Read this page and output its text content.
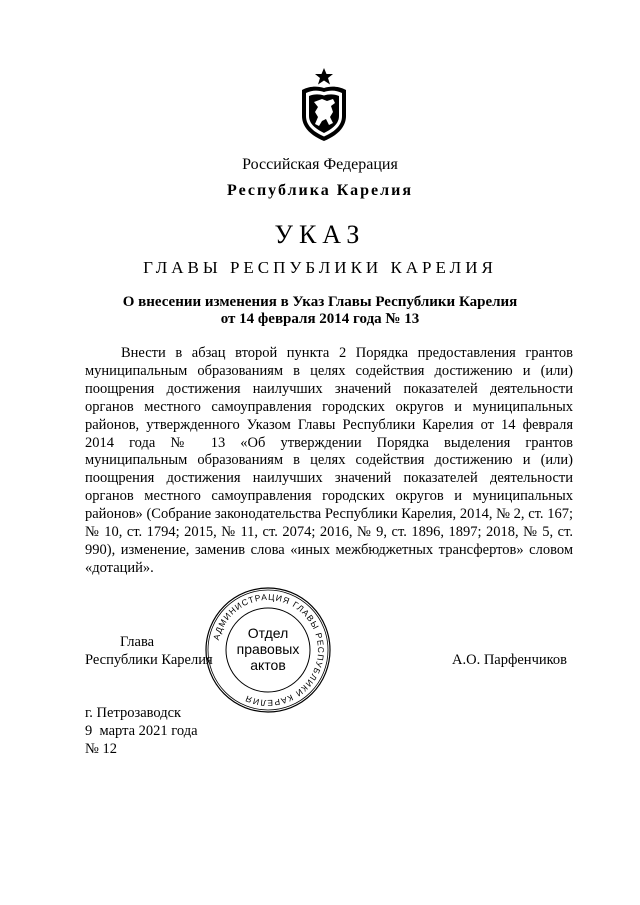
Российская Федерация
Республика Карелия
УКАЗ
ГЛАВЫ РЕСПУБЛИКИ КАРЕЛИЯ
О внесении изменения в Указ Главы Республики Карелия
от 14 февраля 2014 года № 13

Внести в абзац второй пункта 2 Порядка предоставления грантов муниципальным образованиям в целях содействия достижению и (или) поощрения достижения наилучших значений показателей деятельности органов местного самоуправления городских округов и муниципальных районов, утвержденного Указом Главы Республики Карелия от 14 февраля 2014 года № 13 «Об утверждении Порядка выделения грантов муниципальным образованиям в целях содействия достижению и (или) поощрения достижения наилучших значений показателей деятельности органов местного самоуправления городских округов и муниципальных районов» (Собрание законодательства Республики Карелия, 2014, № 2, ст. 167; № 10, ст. 1794; 2015, № 11, ст. 2074; 2016, № 9, ст. 1896, 1897; 2018, № 5, ст. 990), изменение, заменив слова «иных межбюджетных трансфертов» словом «дотаций».

Глава
Республики Карелия	А.О. Парфенчиков
АДМИНИСТРАЦИЯ ГЛАВЫ РЕСПУБЛИКИ КАРЕЛИЯ
Отдел
правовых
актов
г. Петрозаводск
9  марта 2021 года
№ 12
